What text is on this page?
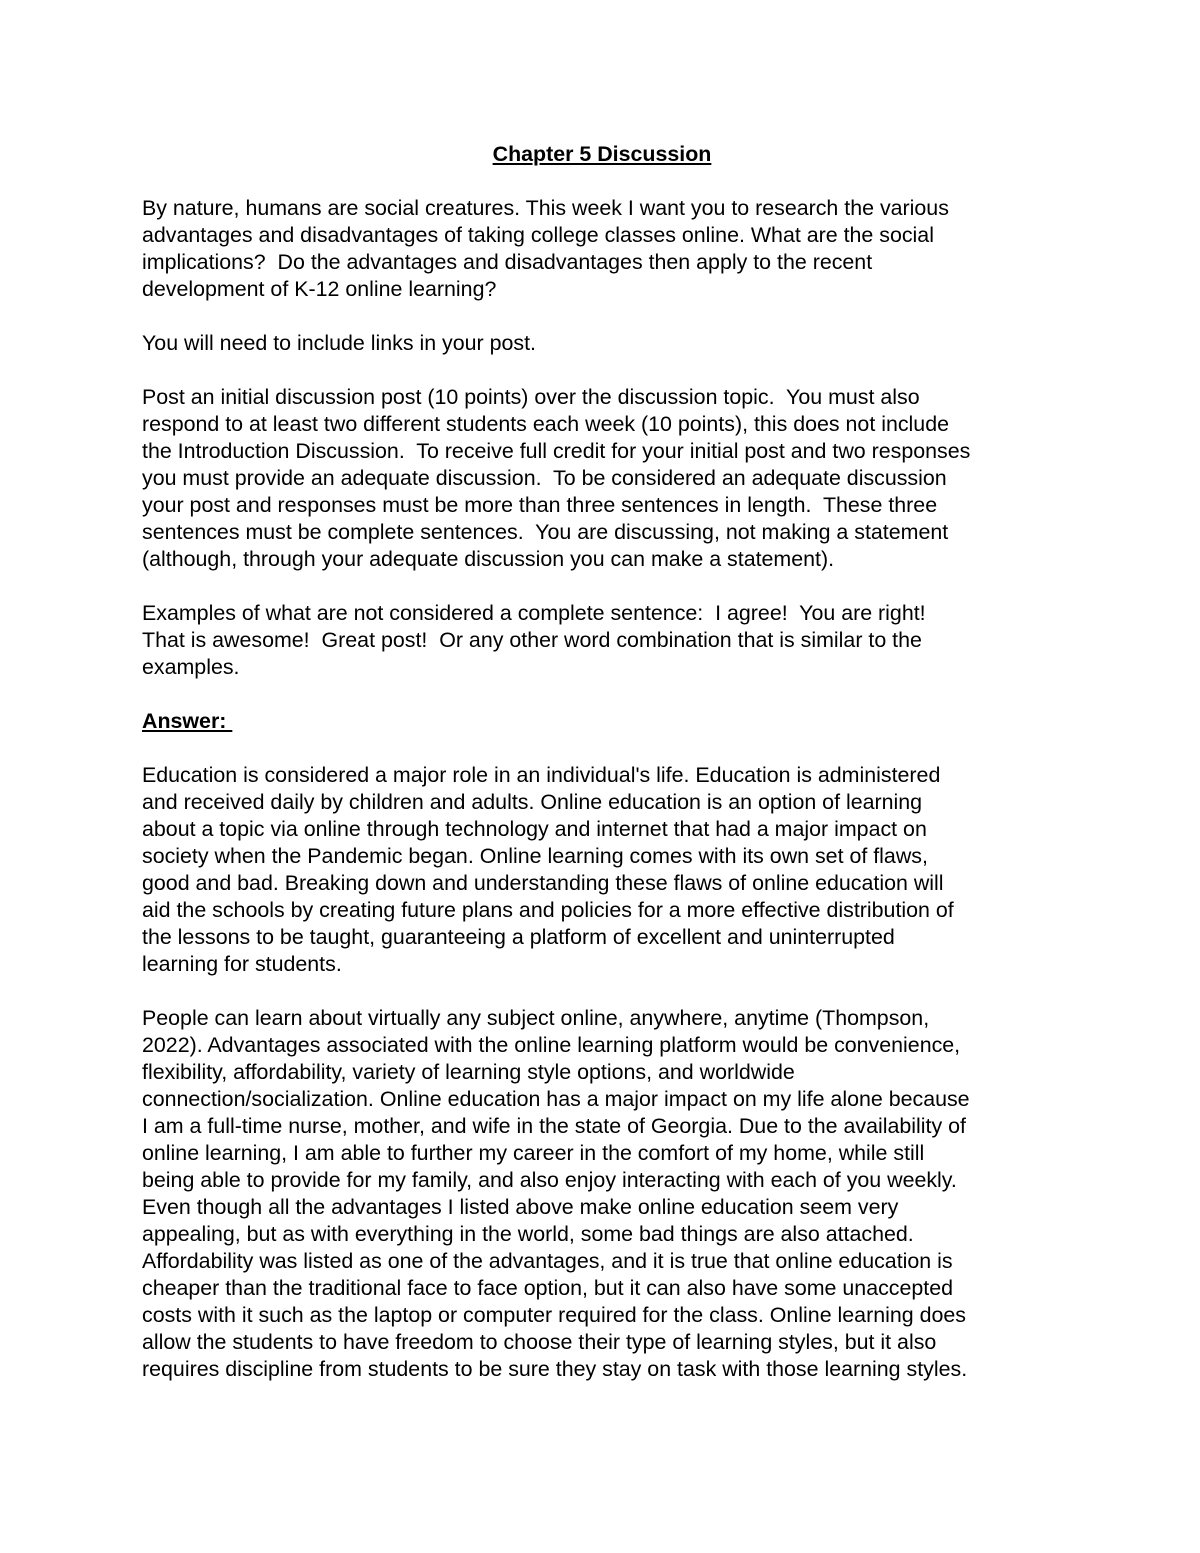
Chapter 5 Discussion
By nature, humans are social creatures. This week I want you to research the various
advantages and disadvantages of taking college classes online. What are the social
implications?  Do the advantages and disadvantages then apply to the recent
development of K-12 online learning?
You will need to include links in your post.
Post an initial discussion post (10 points) over the discussion topic.  You must also
respond to at least two different students each week (10 points), this does not include
the Introduction Discussion.  To receive full credit for your initial post and two responses
you must provide an adequate discussion.  To be considered an adequate discussion
your post and responses must be more than three sentences in length.  These three
sentences must be complete sentences.  You are discussing, not making a statement
(although, through your adequate discussion you can make a statement).
Examples of what are not considered a complete sentence:  I agree!  You are right!
That is awesome!  Great post!  Or any other word combination that is similar to the
examples.
Answer:
Education is considered a major role in an individual's life. Education is administered
and received daily by children and adults. Online education is an option of learning
about a topic via online through technology and internet that had a major impact on
society when the Pandemic began. Online learning comes with its own set of flaws,
good and bad. Breaking down and understanding these flaws of online education will
aid the schools by creating future plans and policies for a more effective distribution of
the lessons to be taught, guaranteeing a platform of excellent and uninterrupted
learning for students.
People can learn about virtually any subject online, anywhere, anytime (Thompson,
2022). Advantages associated with the online learning platform would be convenience,
flexibility, affordability, variety of learning style options, and worldwide
connection/socialization. Online education has a major impact on my life alone because
I am a full-time nurse, mother, and wife in the state of Georgia. Due to the availability of
online learning, I am able to further my career in the comfort of my home, while still
being able to provide for my family, and also enjoy interacting with each of you weekly.
Even though all the advantages I listed above make online education seem very
appealing, but as with everything in the world, some bad things are also attached.
Affordability was listed as one of the advantages, and it is true that online education is
cheaper than the traditional face to face option, but it can also have some unaccepted
costs with it such as the laptop or computer required for the class. Online learning does
allow the students to have freedom to choose their type of learning styles, but it also
requires discipline from students to be sure they stay on task with those learning styles.
